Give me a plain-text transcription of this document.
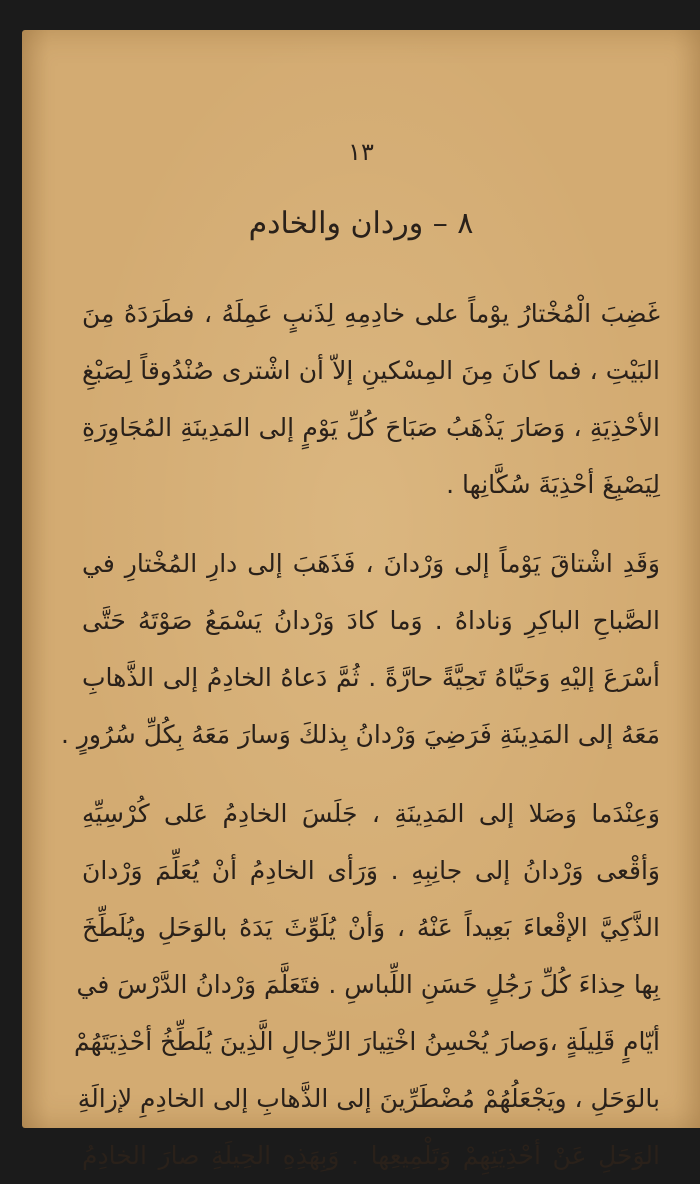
١٣
٨ – وردان والخادم
غَضِبَ الْمُخْتارُ يوْماً على خادِمِهِ لِذَنبٍ عَمِلَهُ ، فطَرَدَهُ مِنَ
البَيْتِ ، فما كانَ مِنَ المِسْكينِ إلاّ أن اشْترى صُنْدُوقاً لِصَبْغِ
الأحْذِيَةِ ، وَصَارَ يَذْهَبُ صَبَاحَ كُلِّ يَوْمٍ إلى المَدِينَةِ المُجَاوِرَةِ
لِيَصْبِغَ أحْذِيَةَ سُكَّانِها .
وَقَدِ اشْتاقَ يَوْماً إلى وَرْدانَ ، فَذَهَبَ إلى دارِ المُخْتارِ في
الصَّباحِ الباكِرِ وَناداهُ . وَما كادَ وَرْدانُ يَسْمَعُ صَوْتَهُ حَتَّى
أسْرَعَ إليْهِ وَحَيَّاهُ تَحِيَّةً حارَّةً . ثُمَّ دَعاهُ الخادِمُ إلى الذَّهابِ
مَعَهُ إلى المَدِينَةِ فَرَضِيَ وَرْدانُ بِذلكَ وَسارَ مَعَهُ بِكُلِّ سُرُورٍ .
وَعِنْدَما وَصَلا إلى المَدِينَةِ ، جَلَسَ الخادِمُ عَلى كُرْسِيِّهِ
وَأقْعى وَرْدانُ إلى جانِبِهِ . وَرَأى الخادِمُ أنْ يُعَلِّمَ وَرْدانَ
الذَّكِيَّ الإقْعاءَ بَعِيداً عَنْهُ ، وَأنْ يُلَوِّثَ يَدَهُ بالوَحَلِ ويُلَطِّخَ
بِها حِذاءَ كُلِّ رَجُلٍ حَسَنِ اللِّباسِ . فتَعَلَّمَ وَرْدانُ الدَّرْسَ في
أيّامٍ قَلِيلَةٍ ،وَصارَ يُحْسِنُ اخْتِيارَ الرِّجالِ الَّذِينَ يُلَطِّخُ أحْذِيَتَهُمْ
بالوَحَلِ ، ويَجْعَلُهُمْ مُضْطَرِّينَ إلى الذَّهابِ إلى الخادِمِ لإزالَةِ
الوَحَلِ عَنْ أحْذِيَتِهِمْ وَتَلْمِيعِها . وَبِهَذِهِ الحِيلَةِ صارَ الخادِمُ
